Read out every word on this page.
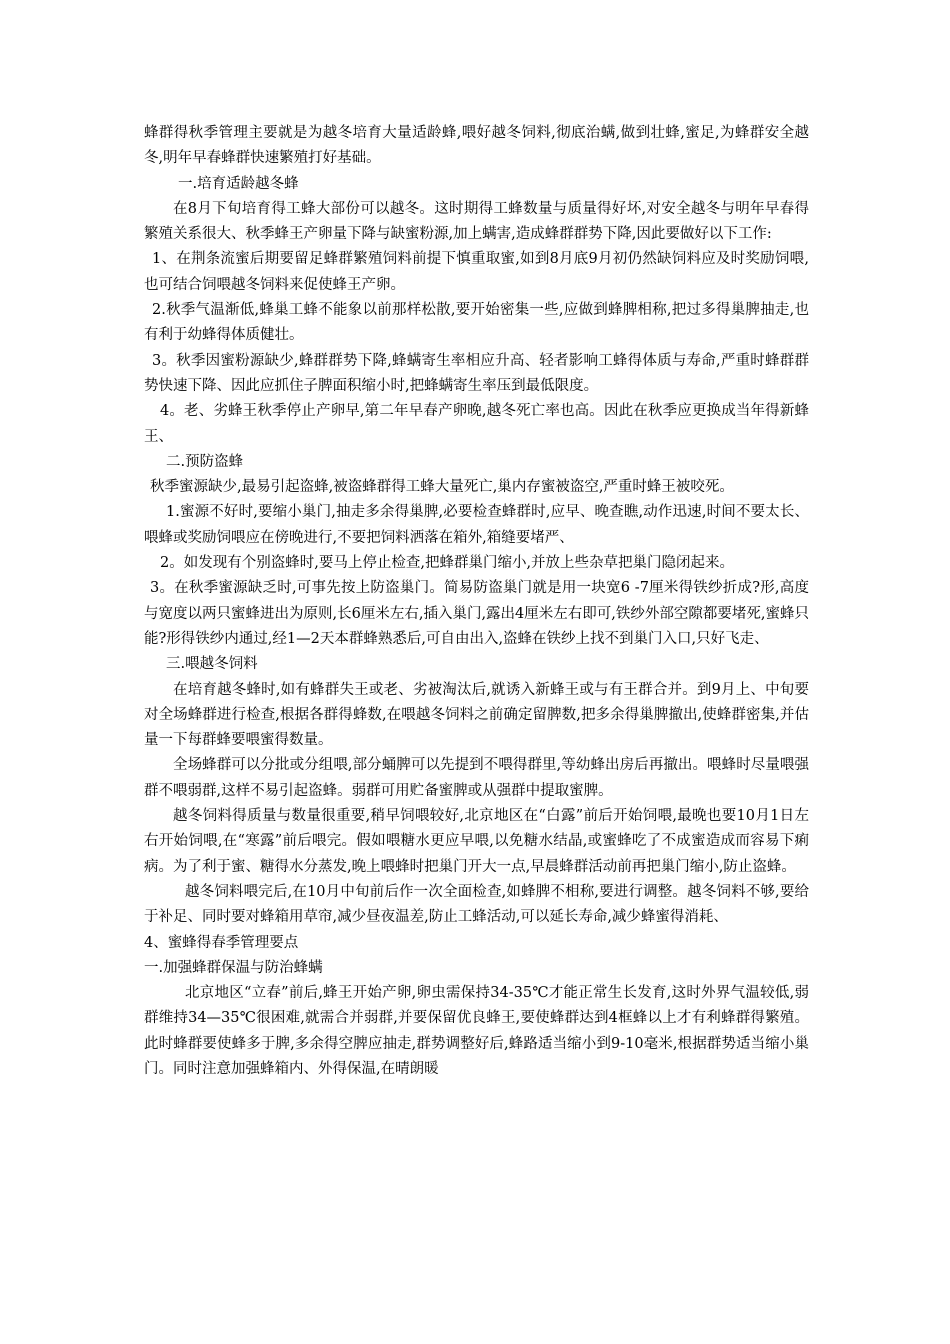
蜂群得秋季管理主要就是为越冬培育大量适龄蜂,喂好越冬饲料,彻底治螨,做到壮蜂,蜜足,为蜂群安全越冬,明年早春蜂群快速繁殖打好基础。

一.培育适龄越冬蜂

在8月下旬培育得工蜂大部份可以越冬。这时期得工蜂数量与质量得好坏,对安全越冬与明年早春得繁殖关系很大、秋季蜂王产卵量下降与缺蜜粉源,加上螨害,造成蜂群群势下降,因此要做好以下工作:

1、在荆条流蜜后期要留足蜂群繁殖饲料前提下慎重取蜜,如到8月底9月初仍然缺饲料应及时奖励饲喂,也可结合饲喂越冬饲料来促使蜂王产卵。

2.秋季气温渐低,蜂巢工蜂不能象以前那样松散,要开始密集一些,应做到蜂脾相称,把过多得巢脾抽走,也有利于幼蜂得体质健壮。

3。秋季因蜜粉源缺少,蜂群群势下降,蜂螨寄生率相应升高、轻者影响工蜂得体质与寿命,严重时蜂群群势快速下降、因此应抓住子脾面积缩小时,把蜂螨寄生率压到最低限度。

4。老、劣蜂王秋季停止产卵早,第二年早春产卵晚,越冬死亡率也高。因此在秋季应更换成当年得新蜂王、

二.预防盗蜂

秋季蜜源缺少,最易引起盗蜂,被盗蜂群得工蜂大量死亡,巢内存蜜被盗空,严重时蜂王被咬死。

1.蜜源不好时,要缩小巢门,抽走多余得巢脾,必要检查蜂群时,应早、晚查瞧,动作迅速,时间不要太长、喂蜂或奖励饲喂应在傍晚进行,不要把饲料洒落在箱外,箱缝要堵严、

2。如发现有个别盗蜂时,要马上停止检查,把蜂群巢门缩小,并放上些杂草把巢门隐闭起来。

3。在秋季蜜源缺乏时,可事先按上防盗巢门。简易防盗巢门就是用一块宽6 -7厘米得铁纱折成?形,高度与宽度以两只蜜蜂进出为原则,长6厘米左右,插入巢门,露出4厘米左右即可,铁纱外部空隙都要堵死,蜜蜂只能?形得铁纱内通过,经1—2天本群蜂熟悉后,可自由出入,盗蜂在铁纱上找不到巢门入口,只好飞走、

三.喂越冬饲料

在培育越冬蜂时,如有蜂群失王或老、劣被淘汰后,就诱入新蜂王或与有王群合并。到9月上、中旬要对全场蜂群进行检查,根据各群得蜂数,在喂越冬饲料之前确定留脾数,把多余得巢脾撤出,使蜂群密集,并估量一下每群蜂要喂蜜得数量。

全场蜂群可以分批或分组喂,部分蛹脾可以先提到不喂得群里,等幼蜂出房后再撤出。喂蜂时尽量喂强群不喂弱群,这样不易引起盗蜂。弱群可用贮备蜜脾或从强群中提取蜜脾。

越冬饲料得质量与数量很重要,稍早饲喂较好,北京地区在“白露”前后开始饲喂,最晚也要10月1日左右开始饲喂,在“寒露”前后喂完。假如喂糖水更应早喂,以免糖水结晶,或蜜蜂吃了不成蜜造成而容易下痢病。为了利于蜜、糖得水分蒸发,晚上喂蜂时把巢门开大一点,早晨蜂群活动前再把巢门缩小,防止盗蜂。

越冬饲料喂完后,在10月中旬前后作一次全面检查,如蜂脾不相称,要进行调整。越冬饲料不够,要给于补足、同时要对蜂箱用草帘,减少昼夜温差,防止工蜂活动,可以延长寿命,减少蜂蜜得消耗、

4、蜜蜂得春季管理要点

一.加强蜂群保温与防治蜂螨

北京地区“立春”前后,蜂王开始产卵,卵虫需保持34-35℃才能正常生长发育,这时外界气温较低,弱群维持34—35℃很困难,就需合并弱群,并要保留优良蜂王,要使蜂群达到4框蜂以上才有利蜂群得繁殖。此时蜂群要使蜂多于脾,多余得空脾应抽走,群势调整好后,蜂路适当缩小到9-10毫米,根据群势适当缩小巢门。同时注意加强蜂箱内、外得保温,在晴朗暖
